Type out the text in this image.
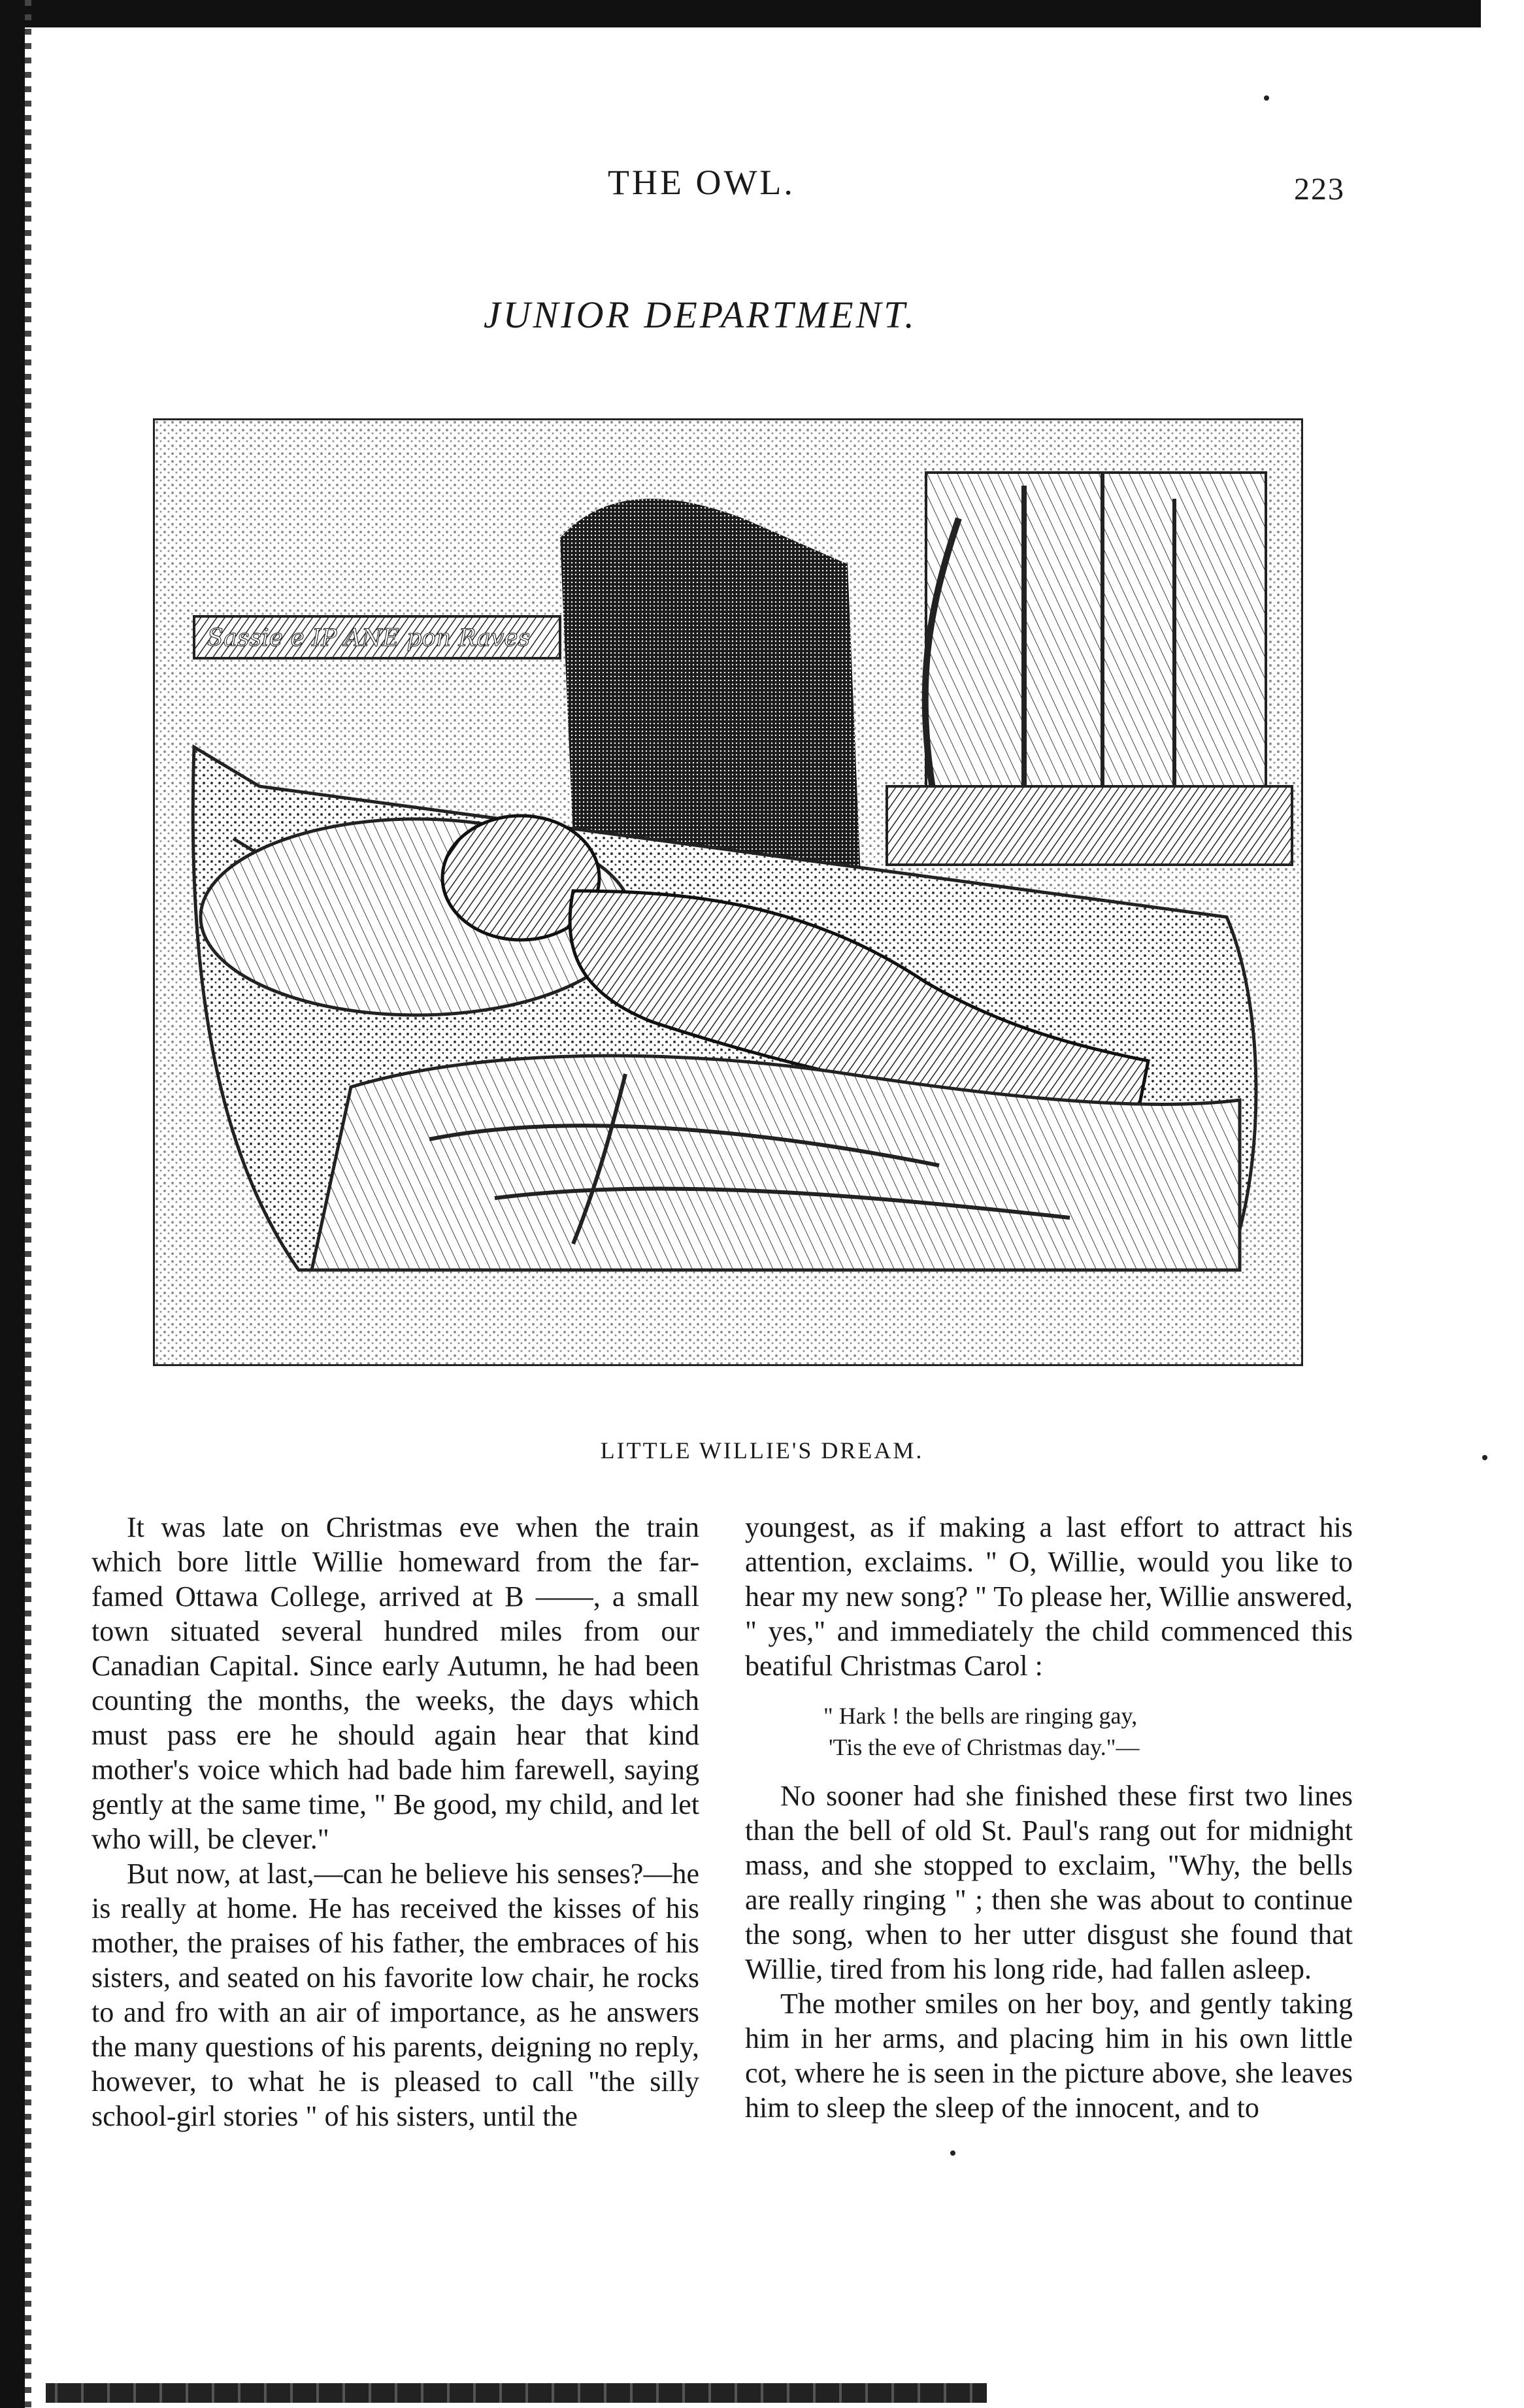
THE OWL.	223
JUNIOR DEPARTMENT.
Sassie e IP ANE pon Raves
LITTLE WILLIE'S DREAM.

It was late on Christmas eve when the train which bore little Willie homeward from the far-famed Ottawa College, arrived at B ——, a small town situated several hundred miles from our Canadian Capital. Since early Autumn, he had been counting the months, the weeks, the days which must pass ere he should again hear that kind mother's voice which had bade him farewell, saying gently at the same time, " Be good, my child, and let who will, be clever."

But now, at last,—can he believe his senses?—he is really at home. He has received the kisses of his mother, the praises of his father, the embraces of his sisters, and seated on his favorite low chair, he rocks to and fro with an air of importance, as he answers the many questions of his parents, deigning no reply, however, to what he is pleased to call "the silly school-girl stories " of his sisters, until the

youngest, as if making a last effort to attract his attention, exclaims. " O, Willie, would you like to hear my new song? " To please her, Willie answered, " yes," and immediately the child commenced this beatiful Christmas Carol :

" Hark ! the bells are ringing gay,
'Tis the eve of Christmas day."—

No sooner had she finished these first two lines than the bell of old St. Paul's rang out for midnight mass, and she stopped to exclaim, "Why, the bells are really ringing " ; then she was about to continue the song, when to her utter disgust she found that Willie, tired from his long ride, had fallen asleep.

The mother smiles on her boy, and gently taking him in her arms, and placing him in his own little cot, where he is seen in the picture above, she leaves him to sleep the sleep of the innocent, and to
